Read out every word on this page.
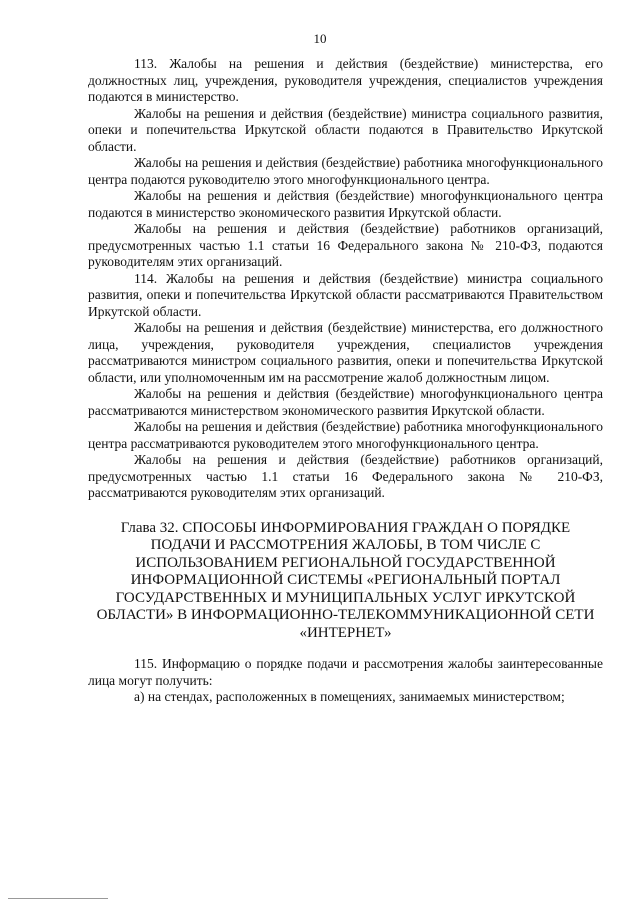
10

113. Жалобы на решения и действия (бездействие) министерства, его должностных лиц, учреждения, руководителя учреждения, специалистов учреждения подаются в министерство.

Жалобы на решения и действия (бездействие) министра социального развития, опеки и попечительства Иркутской области подаются в Правительство Иркутской области.

Жалобы на решения и действия (бездействие) работника многофункционального центра подаются руководителю этого многофункционального центра.

Жалобы на решения и действия (бездействие) многофункционального центра подаются в министерство экономического развития Иркутской области.

Жалобы на решения и действия (бездействие) работников организаций, предусмотренных частью 1.1 статьи 16 Федерального закона № 210-ФЗ, подаются руководителям этих организаций.

114. Жалобы на решения и действия (бездействие) министра социального развития, опеки и попечительства Иркутской области рассматриваются Правительством Иркутской области.

Жалобы на решения и действия (бездействие) министерства, его должностного лица, учреждения, руководителя учреждения, специалистов учреждения рассматриваются министром социального развития, опеки и попечительства Иркутской области, или уполномоченным им на рассмотрение жалоб должностным лицом.

Жалобы на решения и действия (бездействие) многофункционального центра рассматриваются министерством экономического развития Иркутской области.

Жалобы на решения и действия (бездействие) работника многофункционального центра рассматриваются руководителем этого многофункционального центра.

Жалобы на решения и действия (бездействие) работников организаций, предусмотренных частью 1.1 статьи 16 Федерального закона № 210-ФЗ, рассматриваются руководителям этих организаций.

Глава 32. СПОСОБЫ ИНФОРМИРОВАНИЯ ГРАЖДАН О ПОРЯДКЕ ПОДАЧИ И РАССМОТРЕНИЯ ЖАЛОБЫ, В ТОМ ЧИСЛЕ С ИСПОЛЬЗОВАНИЕМ РЕГИОНАЛЬНОЙ ГОСУДАРСТВЕННОЙ ИНФОРМАЦИОННОЙ СИСТЕМЫ «РЕГИОНАЛЬНЫЙ ПОРТАЛ ГОСУДАРСТВЕННЫХ И МУНИЦИПАЛЬНЫХ УСЛУГ ИРКУТСКОЙ ОБЛАСТИ» В ИНФОРМАЦИОННО-ТЕЛЕКОММУНИКАЦИОННОЙ СЕТИ «ИНТЕРНЕТ»

115. Информацию о порядке подачи и рассмотрения жалобы заинтересованные лица могут получить:

а) на стендах, расположенных в помещениях, занимаемых министерством;
